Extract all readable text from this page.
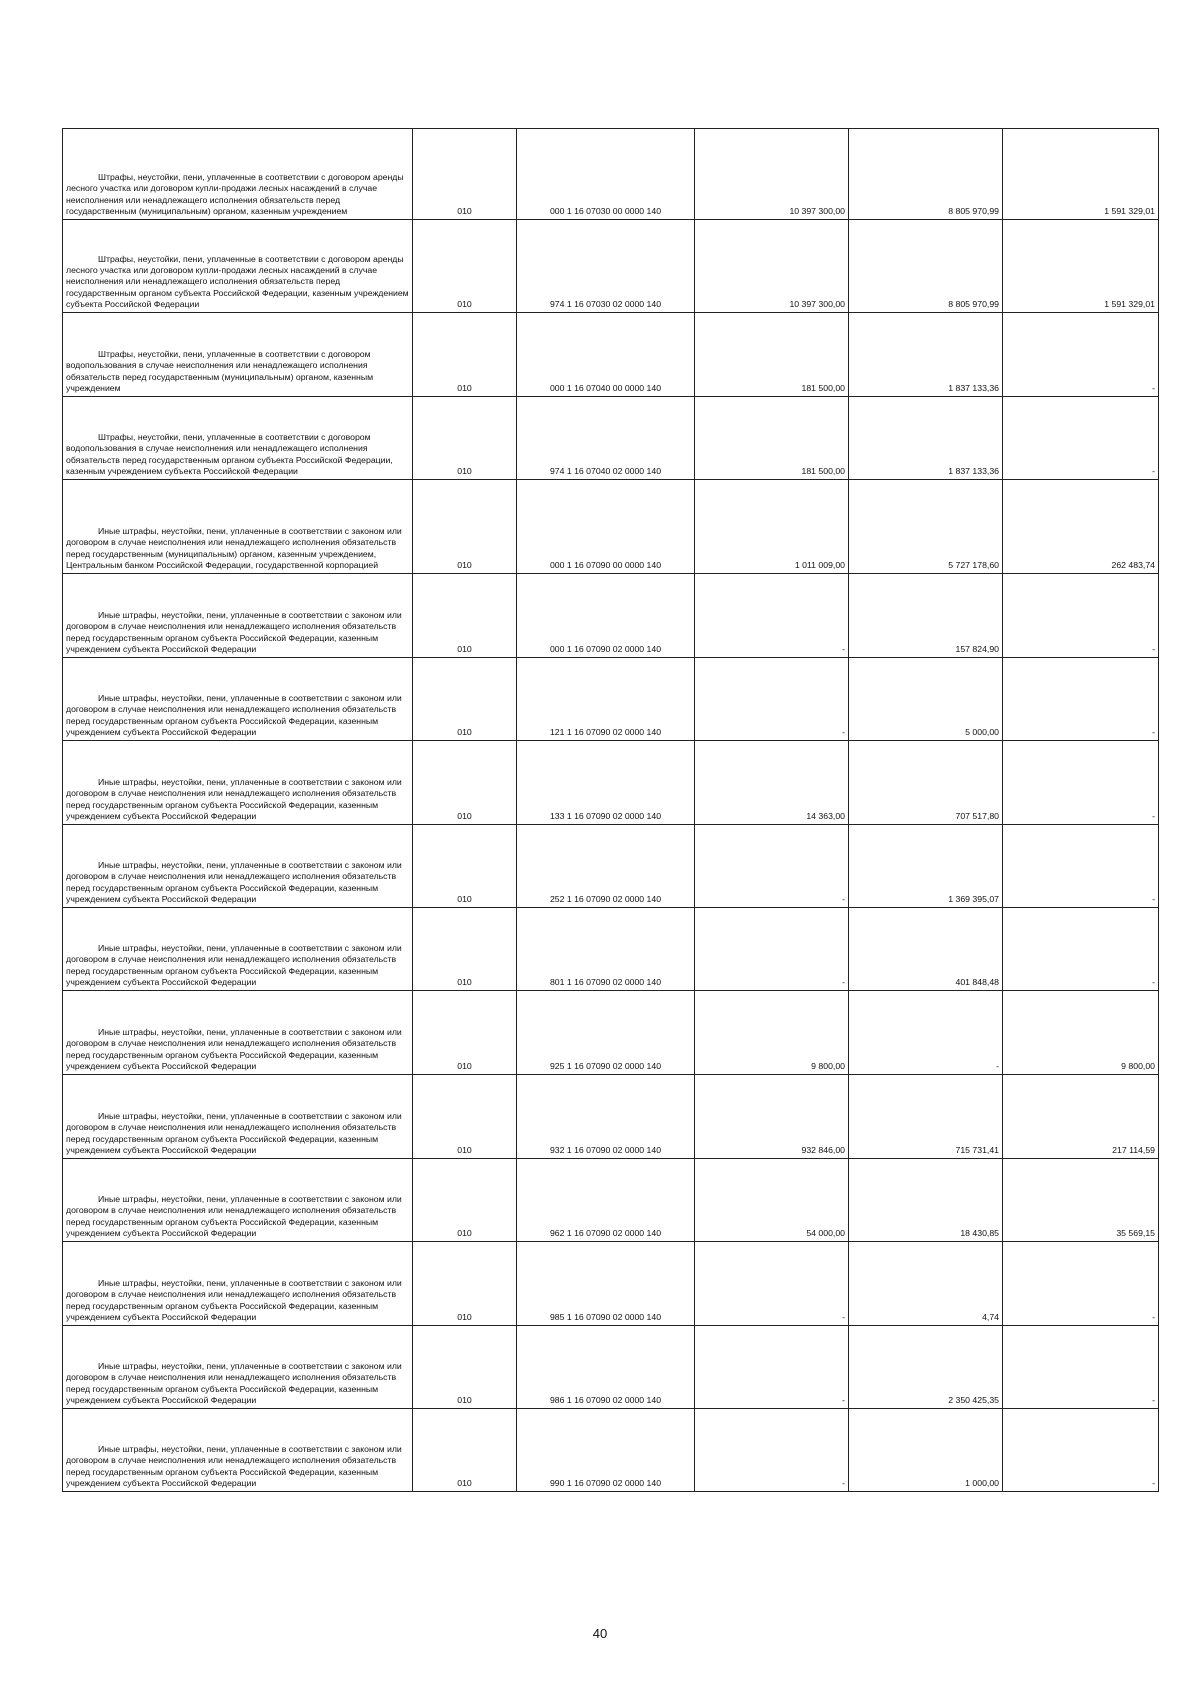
Штрафы, неустойки, пени, уплаченные в соответствии с договором аренды лесного участка или договором купли-продажи лесных насаждений в случае неисполнения или ненадлежащего исполнения обязательств перед государственным (муниципальным) органом, казенным учреждением	010	000 1 16 07030 00 0000 140	10 397 300,00	8 805 970,99	1 591 329,01

Штрафы, неустойки, пени, уплаченные в соответствии с договором аренды лесного участка или договором купли-продажи лесных насаждений в случае неисполнения или ненадлежащего исполнения обязательств перед государственным органом субъекта Российской Федерации, казенным учреждением субъекта Российской Федерации	010	974 1 16 07030 02 0000 140	10 397 300,00	8 805 970,99	1 591 329,01

Штрафы, неустойки, пени, уплаченные в соответствии с договором водопользования в случае неисполнения или ненадлежащего исполнения обязательств перед государственным (муниципальным) органом, казенным учреждением	010	000 1 16 07040 00 0000 140	181 500,00	1 837 133,36	-

Штрафы, неустойки, пени, уплаченные в соответствии с договором водопользования в случае неисполнения или ненадлежащего исполнения обязательств перед государственным органом субъекта Российской Федерации, казенным учреждением субъекта Российской Федерации	010	974 1 16 07040 02 0000 140	181 500,00	1 837 133,36	-

Иные штрафы, неустойки, пени, уплаченные в соответствии с законом или договором в случае неисполнения или ненадлежащего исполнения обязательств перед государственным (муниципальным) органом, казенным учреждением, Центральным банком Российской Федерации, государственной корпорацией	010	000 1 16 07090 00 0000 140	1 011 009,00	5 727 178,60	262 483,74

Иные штрафы, неустойки, пени, уплаченные в соответствии с законом или договором в случае неисполнения или ненадлежащего исполнения обязательств перед государственным органом субъекта Российской Федерации, казенным учреждением субъекта Российской Федерации	010	000 1 16 07090 02 0000 140	-	157 824,90	-

Иные штрафы, неустойки, пени, уплаченные в соответствии с законом или договором в случае неисполнения или ненадлежащего исполнения обязательств перед государственным органом субъекта Российской Федерации, казенным учреждением субъекта Российской Федерации	010	121 1 16 07090 02 0000 140	-	5 000,00	-

Иные штрафы, неустойки, пени, уплаченные в соответствии с законом или договором в случае неисполнения или ненадлежащего исполнения обязательств перед государственным органом субъекта Российской Федерации, казенным учреждением субъекта Российской Федерации	010	133 1 16 07090 02 0000 140	14 363,00	707 517,80	-

Иные штрафы, неустойки, пени, уплаченные в соответствии с законом или договором в случае неисполнения или ненадлежащего исполнения обязательств перед государственным органом субъекта Российской Федерации, казенным учреждением субъекта Российской Федерации	010	252 1 16 07090 02 0000 140	-	1 369 395,07	-

Иные штрафы, неустойки, пени, уплаченные в соответствии с законом или договором в случае неисполнения или ненадлежащего исполнения обязательств перед государственным органом субъекта Российской Федерации, казенным учреждением субъекта Российской Федерации	010	801 1 16 07090 02 0000 140	-	401 848,48	-

Иные штрафы, неустойки, пени, уплаченные в соответствии с законом или договором в случае неисполнения или ненадлежащего исполнения обязательств перед государственным органом субъекта Российской Федерации, казенным учреждением субъекта Российской Федерации	010	925 1 16 07090 02 0000 140	9 800,00	-	9 800,00

Иные штрафы, неустойки, пени, уплаченные в соответствии с законом или договором в случае неисполнения или ненадлежащего исполнения обязательств перед государственным органом субъекта Российской Федерации, казенным учреждением субъекта Российской Федерации	010	932 1 16 07090 02 0000 140	932 846,00	715 731,41	217 114,59

Иные штрафы, неустойки, пени, уплаченные в соответствии с законом или договором в случае неисполнения или ненадлежащего исполнения обязательств перед государственным органом субъекта Российской Федерации, казенным учреждением субъекта Российской Федерации	010	962 1 16 07090 02 0000 140	54 000,00	18 430,85	35 569,15

Иные штрафы, неустойки, пени, уплаченные в соответствии с законом или договором в случае неисполнения или ненадлежащего исполнения обязательств перед государственным органом субъекта Российской Федерации, казенным учреждением субъекта Российской Федерации	010	985 1 16 07090 02 0000 140	-	4,74	-

Иные штрафы, неустойки, пени, уплаченные в соответствии с законом или договором в случае неисполнения или ненадлежащего исполнения обязательств перед государственным органом субъекта Российской Федерации, казенным учреждением субъекта Российской Федерации	010	986 1 16 07090 02 0000 140	-	2 350 425,35	-

Иные штрафы, неустойки, пени, уплаченные в соответствии с законом или договором в случае неисполнения или ненадлежащего исполнения обязательств перед государственным органом субъекта Российской Федерации, казенным учреждением субъекта Российской Федерации	010	990 1 16 07090 02 0000 140	-	1 000,00	-
40
